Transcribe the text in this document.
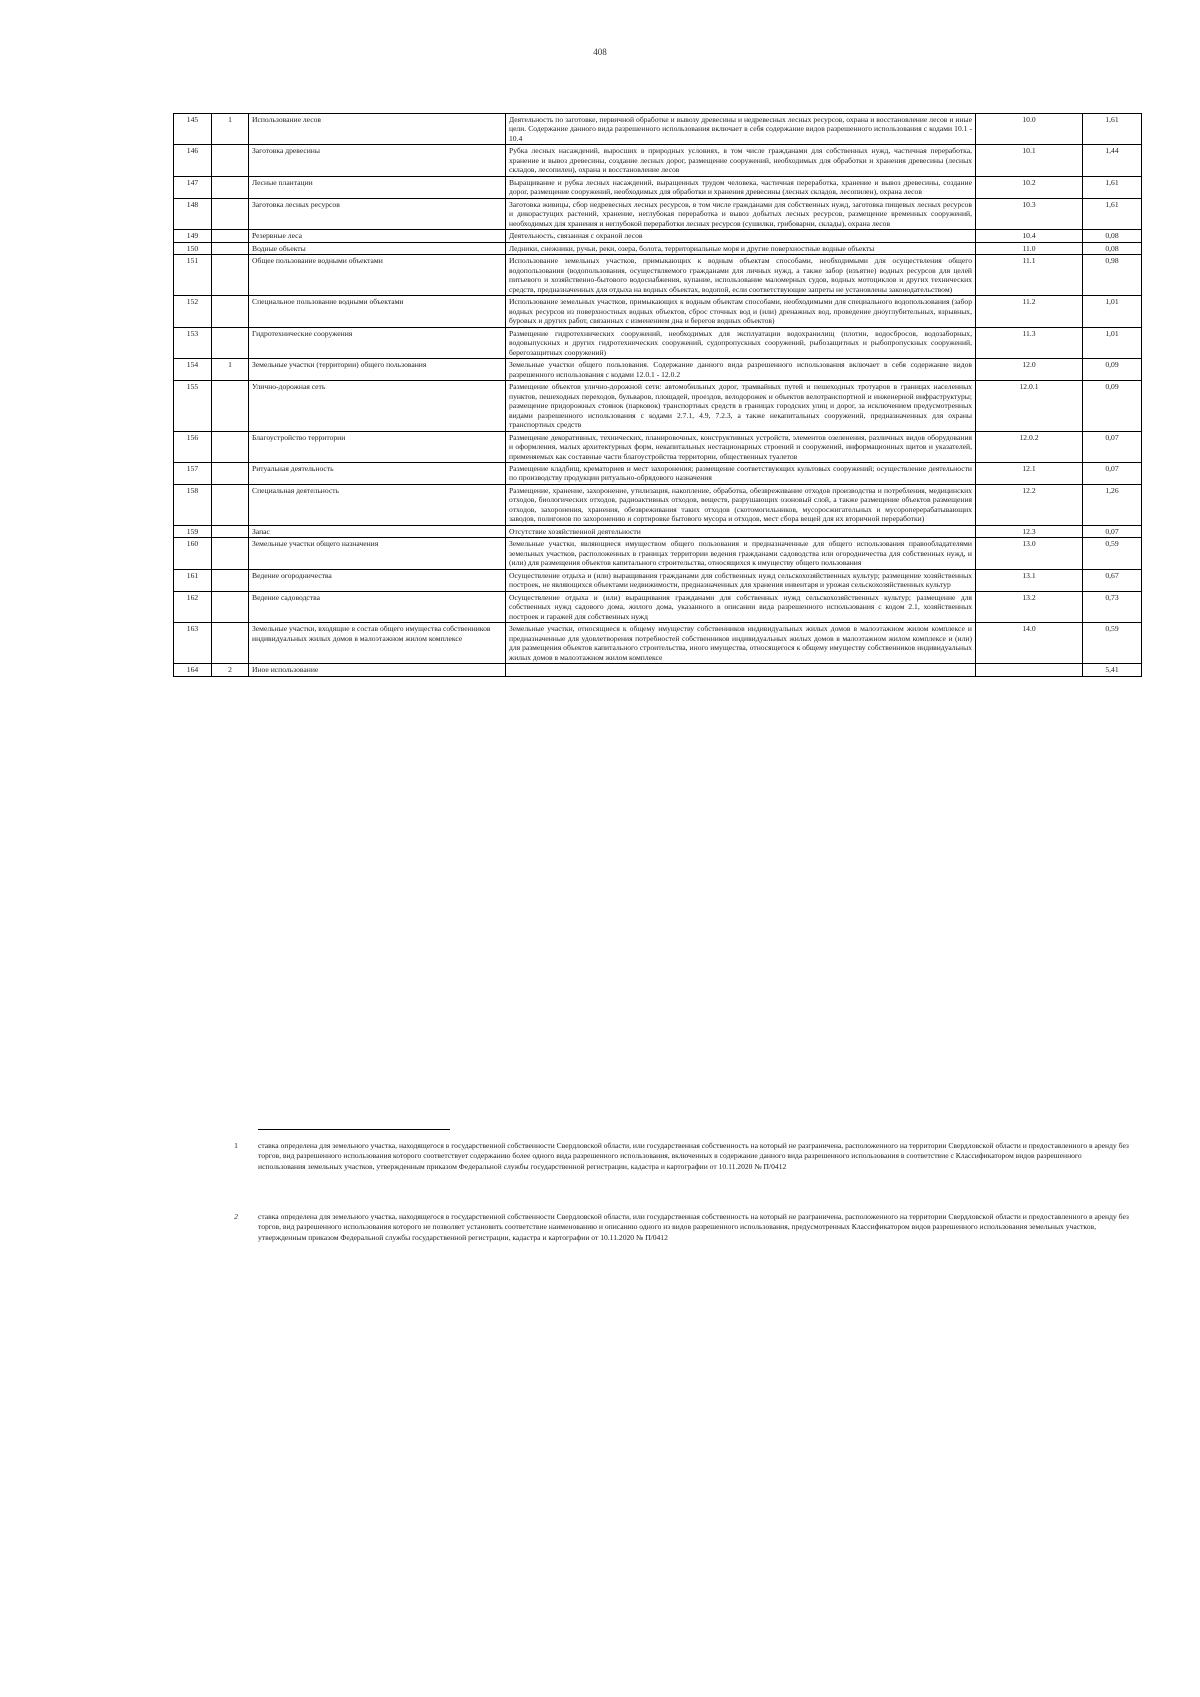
408
145	1	Использование лесов	Деятельность по заготовке, первичной обработке и вывозу древесины и недревесных лесных ресурсов, охрана и восстановление лесов и иные цели. Содержание данного вида разрешенного использования включает в себя содержание видов разрешенного использования с кодами 10.1 - 10.4	10.0	1,61
146		Заготовка древесины	Рубка лесных насаждений, выросших в природных условиях, в том числе гражданами для собственных нужд, частичная переработка, хранение и вывоз древесины, создание лесных дорог, размещение сооружений, необходимых для обработки и хранения древесины (лесных складов, лесопилен), охрана и восстановление лесов	10.1	1,44
147		Лесные плантации	Выращивание и рубка лесных насаждений, выращенных трудом человека, частичная переработка, хранение и вывоз древесины, создание дорог, размещение сооружений, необходимых для обработки и хранения древесины (лесных складов, лесопилен), охрана лесов	10.2	1,61
148		Заготовка лесных ресурсов	Заготовка живицы, сбор недревесных лесных ресурсов, в том числе гражданами для собственных нужд, заготовка пищевых лесных ресурсов и дикорастущих растений, хранение, неглубокая переработка и вывоз добытых лесных ресурсов, размещение временных сооружений, необходимых для хранения и неглубокой переработки лесных ресурсов (сушилки, грибоварни, склады), охрана лесов	10.3	1,61
149		Резервные леса	Деятельность, связанная с охраной лесов	10.4	0,08
150		Водные объекты	Ледники, снежники, ручьи, реки, озера, болота, территориальные моря и другие поверхностные водные объекты	11.0	0,08
151		Общее пользование водными объектами	Использование земельных участков, примыкающих к водным объектам способами, необходимыми для осуществления общего водопользования (водопользования, осуществляемого гражданами для личных нужд, а также забор (изъятие) водных ресурсов для целей питьевого и хозяйственно-бытового водоснабжения, купание, использование маломерных судов, водных мотоциклов и других технических средств, предназначенных для отдыха на водных объектах, водопой, если соответствующие запреты не установлены законодательством)	11.1	0,98
152		Специальное пользование водными объектами	Использование земельных участков, примыкающих к водным объектам способами, необходимыми для специального водопользования (забор водных ресурсов из поверхностных водных объектов, сброс сточных вод и (или) дренажных вод, проведение дноуглубительных, взрывных, буровых и других работ, связанных с изменением дна и берегов водных объектов)	11.2	1,01
153		Гидротехнические сооружения	Размещение гидротехнических сооружений, необходимых для эксплуатации водохранилищ (плотин, водосбросов, водозаборных, водовыпускных и других гидротехнических сооружений, судопропускных сооружений, рыбозащитных и рыбопропускных сооружений, берегозащитных сооружений)	11.3	1,01
154	1	Земельные участки (территории) общего пользования	Земельные участки общего пользования. Содержание данного вида разрешенного использования включает в себя содержание видов разрешенного использования с кодами 12.0.1 - 12.0.2	12.0	0,09
155		Улично-дорожная сеть	Размещение объектов улично-дорожной сети: автомобильных дорог, трамвайных путей и пешеходных тротуаров в границах населенных пунктов, пешеходных переходов, бульваров, площадей, проездов, велодорожек и объектов велотранспортной и инженерной инфраструктуры; размещение придорожных стоянок (парковок) транспортных средств в границах городских улиц и дорог, за исключением предусмотренных видами разрешенного использования с кодами 2.7.1, 4.9, 7.2.3, а также некапитальных сооружений, предназначенных для охраны транспортных средств	12.0.1	0,09
156		Благоустройство территории	Размещение декоративных, технических, планировочных, конструктивных устройств, элементов озеленения, различных видов оборудования и оформления, малых архитектурных форм, некапитальных нестационарных строений и сооружений, информационных щитов и указателей, применяемых как составные части благоустройства территории, общественных туалетов	12.0.2	0,07
157		Ритуальная деятельность	Размещение кладбищ, крематориев и мест захоронения; размещение соответствующих культовых сооружений; осуществление деятельности по производству продукции ритуально-обрядового назначения	12.1	0,07
158		Специальная деятельность	Размещение, хранение, захоронение, утилизация, накопление, обработка, обезвреживание отходов производства и потребления, медицинских отходов, биологических отходов, радиоактивных отходов, веществ, разрушающих озоновый слой, а также размещение объектов размещения отходов, захоронения, хранения, обезвреживания таких отходов (скотомогильников, мусоросжигательных и мусороперерабатывающих заводов, полигонов по захоронению и сортировке бытового мусора и отходов, мест сбора вещей для их вторичной переработки)	12.2	1,26
159		Запас	Отсутствие хозяйственной деятельности	12.3	0,07
160		Земельные участки общего назначения	Земельные участки, являющиеся имуществом общего пользования и предназначенные для общего использования правообладателями земельных участков, расположенных в границах территории ведения гражданами садоводства или огородничества для собственных нужд, и (или) для размещения объектов капитального строительства, относящихся к имуществу общего пользования	13.0	0,59
161		Ведение огородничества	Осуществление отдыха и (или) выращивания гражданами для собственных нужд сельскохозяйственных культур; размещение хозяйственных построек, не являющихся объектами недвижимости, предназначенных для хранения инвентаря и урожая сельскохозяйственных культур	13.1	0,67
162		Ведение садоводства	Осуществление отдыха и (или) выращивания гражданами для собственных нужд сельскохозяйственных культур; размещение для собственных нужд садового дома, жилого дома, указанного в описании вида разрешенного использования с кодом 2.1, хозяйственных построек и гаражей для собственных нужд	13.2	0,73
163		Земельные участки, входящие в состав общего имущества собственников индивидуальных жилых домов в малоэтажном жилом комплексе	Земельные участки, относящиеся к общему имуществу собственников индивидуальных жилых домов в малоэтажном жилом комплексе и предназначенные для удовлетворения потребностей собственников индивидуальных жилых домов в малоэтажном жилом комплексе и (или) для размещения объектов капитального строительства, иного имущества, относящегося к общему имуществу собственников индивидуальных жилых домов в малоэтажном жилом комплексе	14.0	0,59
164	2	Иное использование			5,41
1	ставка определена для земельного участка, находящегося в государственной собственности Свердловской области, или государственная собственность на который не разграничена, расположенного на территории Свердловской области и предоставленного в аренду без торгов, вид разрешенного использования которого соответствует содержанию более одного вида разрешенного использования, включенных в содержание данного вида разрешенного использования в соответствие с Классификатором видов разрешенного использования земельных участков, утвержденным приказом Федеральной службы государственной регистрации, кадастра и картографии от 10.11.2020 № П/0412
2	ставка определена для земельного участка, находящегося в государственной собственности Свердловской области, или государственная собственность на который не разграничена, расположенного на территории Свердловской области и предоставленного в аренду без торгов, вид разрешенного использования которого не позволяет установить соответствие наименованию и описанию одного из видов разрешенного использования, предусмотренных Классификатором видов разрешенного использования земельных участков, утвержденным приказом Федеральной службы государственной регистрации, кадастра и картографии от 10.11.2020 № П/0412
